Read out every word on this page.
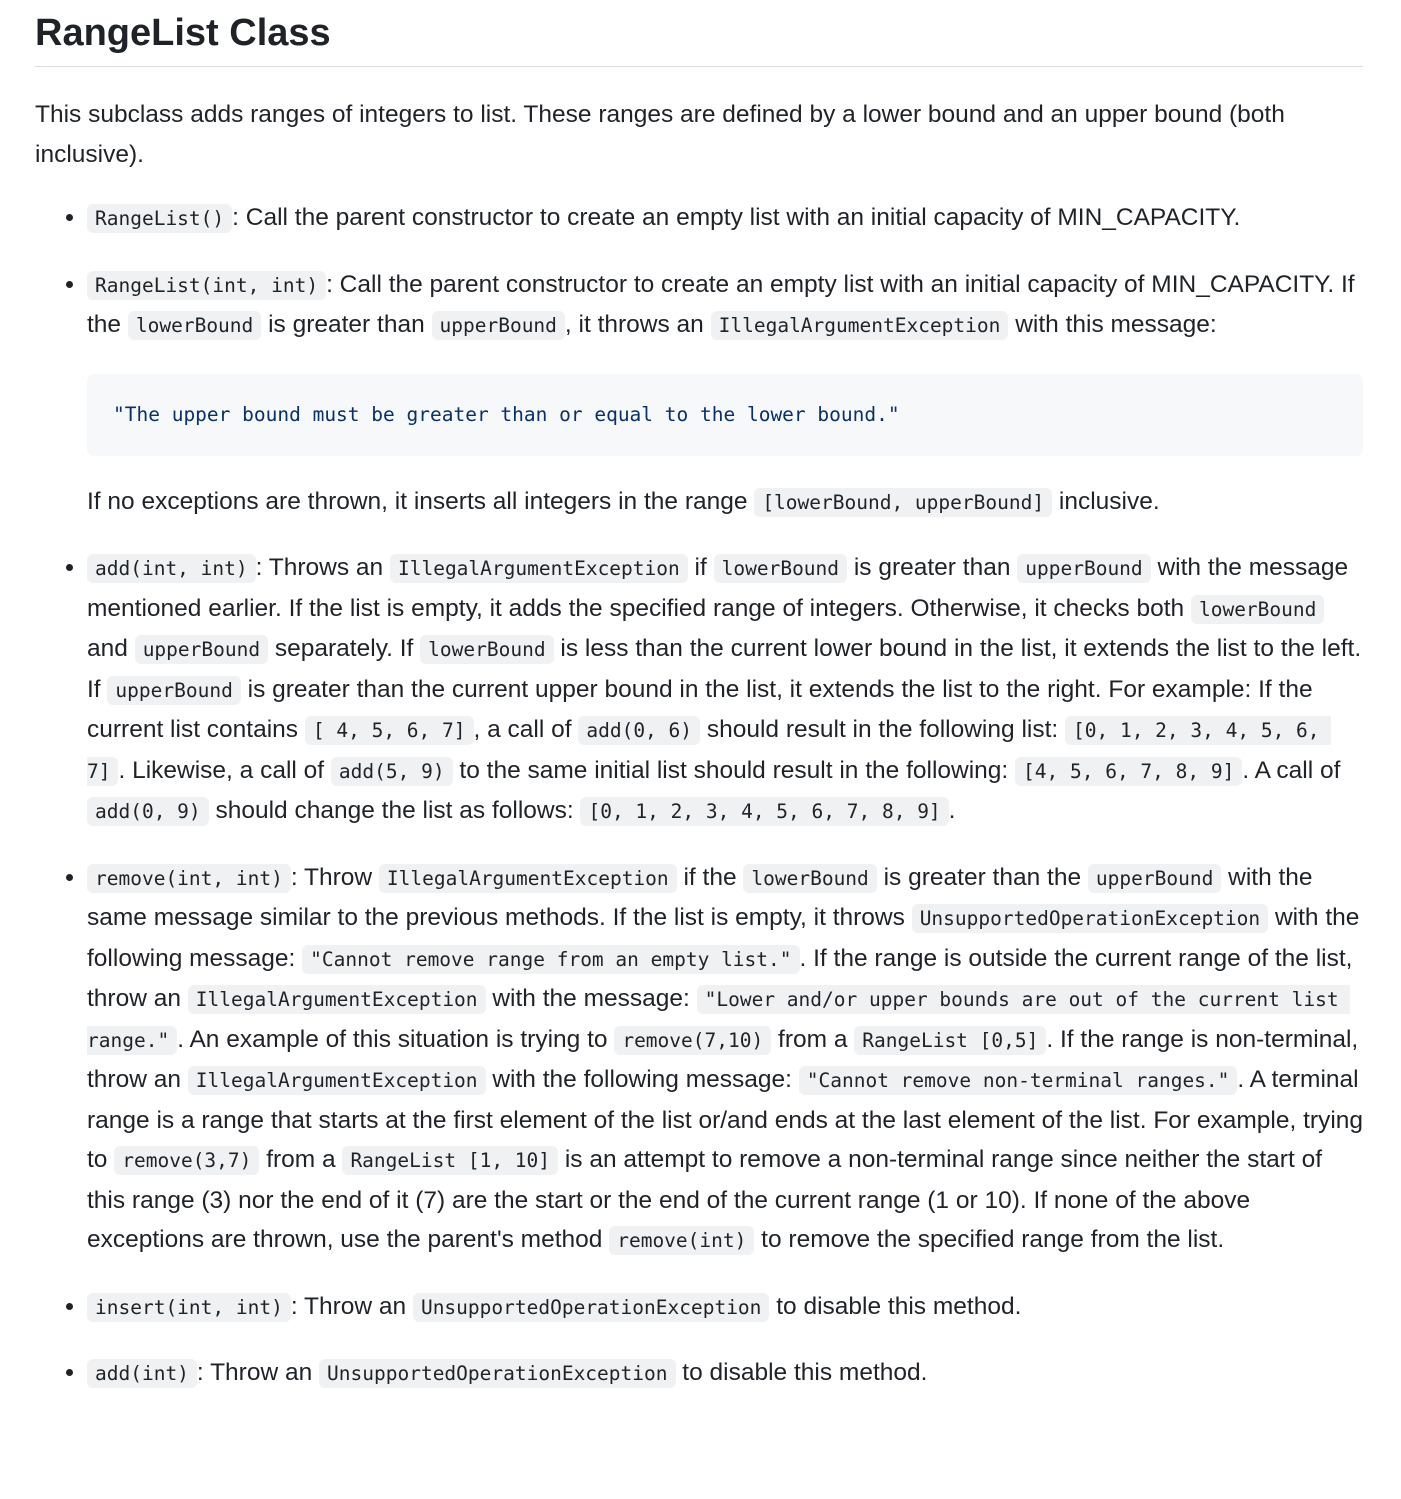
RangeList Class

This subclass adds ranges of integers to list. These ranges are defined by a lower bound and an upper bound (both inclusive).

• RangeList() : Call the parent constructor to create an empty list with an initial capacity of MIN_CAPACITY.
• RangeList(int, int) : Call the parent constructor to create an empty list with an initial capacity of MIN_CAPACITY. If the lowerBound is greater than upperBound , it throws an IllegalArgumentException with this message:
"The upper bound must be greater than or equal to the lower bound."
If no exceptions are thrown, it inserts all integers in the range [lowerBound, upperBound] inclusive.
• add(int, int) : Throws an IllegalArgumentException if lowerBound is greater than upperBound with the message mentioned earlier. If the list is empty, it adds the specified range of integers. Otherwise, it checks both lowerBound and upperBound separately. If lowerBound is less than the current lower bound in the list, it extends the list to the left. If upperBound is greater than the current upper bound in the list, it extends the list to the right. For example: If the current list contains [ 4, 5, 6, 7] , a call of add(0, 6) should result in the following list: [0, 1, 2, 3, 4, 5, 6, 7] . Likewise, a call of add(5, 9) to the same initial list should result in the following: [4, 5, 6, 7, 8, 9] . A call of add(0, 9) should change the list as follows: [0, 1, 2, 3, 4, 5, 6, 7, 8, 9] .
• remove(int, int) : Throw IllegalArgumentException if the lowerBound is greater than the upperBound with the same message similar to the previous methods. If the list is empty, it throws UnsupportedOperationException with the following message: "Cannot remove range from an empty list." . If the range is outside the current range of the list, throw an IllegalArgumentException with the message: "Lower and/or upper bounds are out of the current list range." . An example of this situation is trying to remove(7,10) from a RangeList [0,5] . If the range is non-terminal, throw an IllegalArgumentException with the following message: "Cannot remove non-terminal ranges." . A terminal range is a range that starts at the first element of the list or/and ends at the last element of the list. For example, trying to remove(3,7) from a RangeList [1, 10] is an attempt to remove a non-terminal range since neither the start of this range (3) nor the end of it (7) are the start or the end of the current range (1 or 10). If none of the above exceptions are thrown, use the parent's method remove(int) to remove the specified range from the list.
• insert(int, int) : Throw an UnsupportedOperationException to disable this method.
• add(int) : Throw an UnsupportedOperationException to disable this method.
